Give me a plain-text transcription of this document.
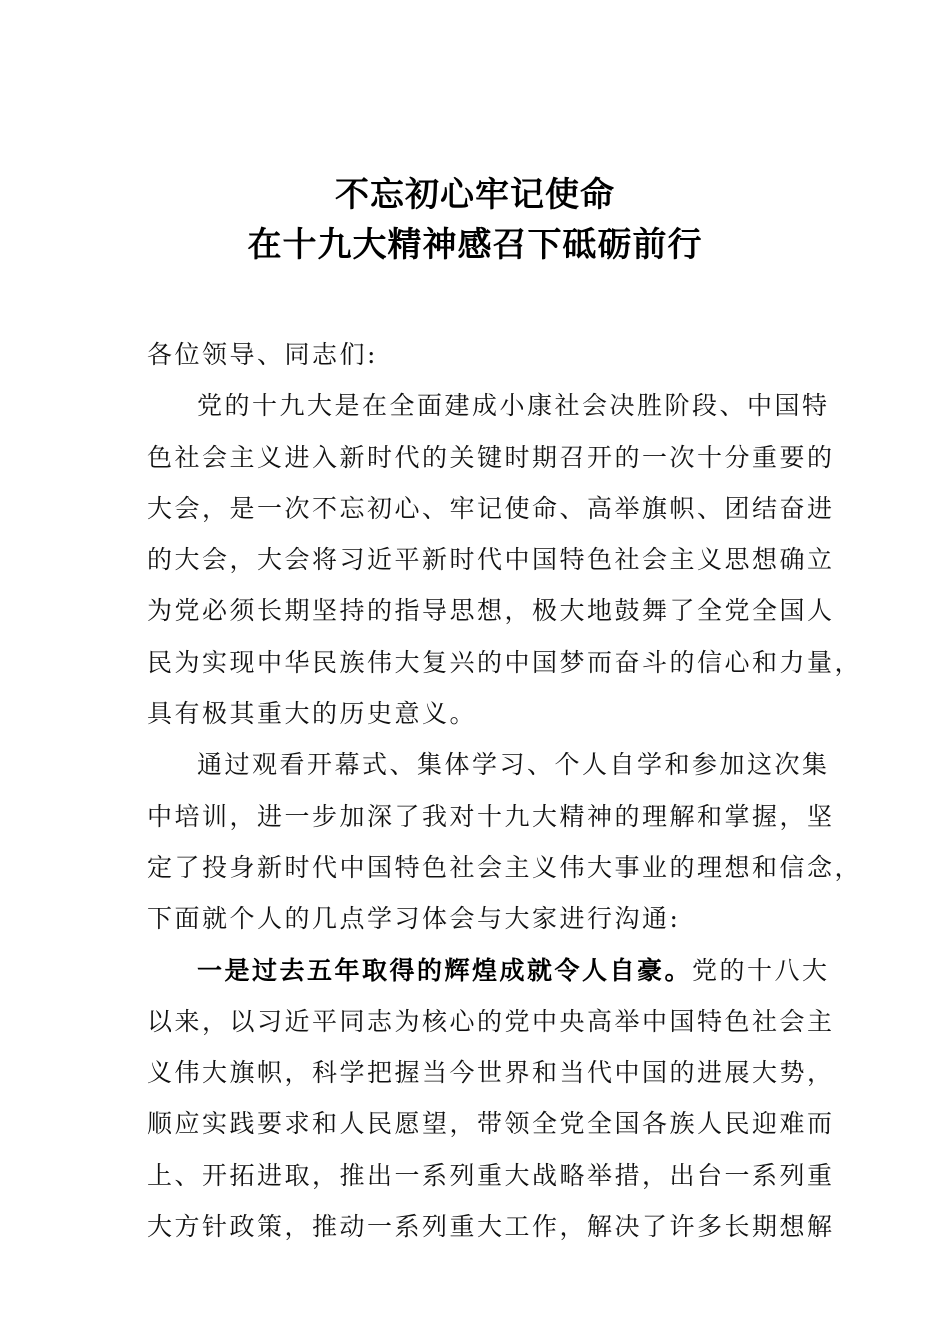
不忘初心牢记使命
在十九大精神感召下砥砺前行
各位领导、同志们:
党的十九大是在全面建成小康社会决胜阶段、中国特
色社会主义进入新时代的关键时期召开的一次十分重要的
大会，是一次不忘初心、牢记使命、高举旗帜、团结奋进
的大会，大会将习近平新时代中国特色社会主义思想确立
为党必须长期坚持的指导思想，极大地鼓舞了全党全国人
民为实现中华民族伟大复兴的中国梦而奋斗的信心和力量，
具有极其重大的历史意义。
通过观看开幕式、集体学习、个人自学和参加这次集
中培训，进一步加深了我对十九大精神的理解和掌握，坚
定了投身新时代中国特色社会主义伟大事业的理想和信念，
下面就个人的几点学习体会与大家进行沟通:
一是过去五年取得的辉煌成就令人自豪。党的十八大
以来，以习近平同志为核心的党中央高举中国特色社会主
义伟大旗帜，科学把握当今世界和当代中国的进展大势，
顺应实践要求和人民愿望，带领全党全国各族人民迎难而
上、开拓进取，推出一系列重大战略举措，出台一系列重
大方针政策，推动一系列重大工作，解决了许多长期想解
